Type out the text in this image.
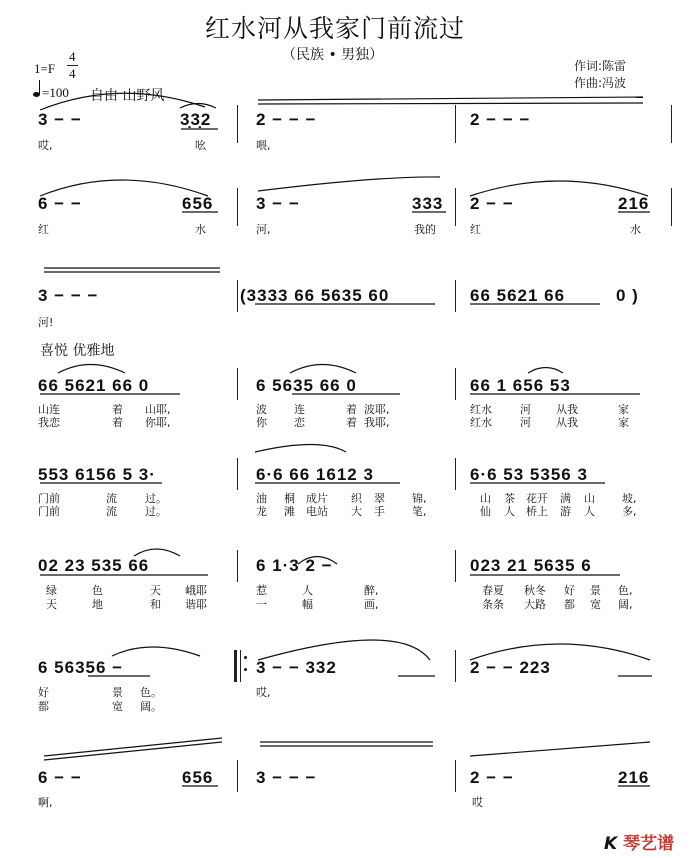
红水河从我家门前流过
（民族 • 男独）
作词:陈雷
作曲:冯波
1=F
4
4
=100 自由 山野风
3 − −	3̣3̣2	2 − − −	2 − − −
哎,	吆	喂,
6 − −	656	3 − −	333 2 − −	216
红	水	河,	我的	红	水
3 − − −	(3333 66 5635 60	66 5621 66	0 )
河!
喜悦 优雅地
66 5621 66 0	6 5635 66 0	66 1 656 53
山连	着 山耶,	波 连	着 波耶,	红水	河 从我	家
我恋	着 你耶,	你 恋	着 我耶,	红水	河 从我	家
553 6156 5 3·	6·6 66 1612 3	6·6 53 5356 3
门前	流	过。	油 桐 成片 织 翠 锦,	山 茶 花开 满 山 坡,
门前	流	过。	龙 滩 电站 大 手 笔,	仙 人 桥上 游 人 多,
02 23 535 66	6 1·3 2 −	023 21 5635 6
绿	色	天 峨耶	惹	人	醉,	春夏 秋冬 好 景 色,
天	地	和 谐耶	一	幅	画,	条条 大路 都 宽 阔,
6 56356 −	3 − − 332	2 − − 223
好	景 色。	哎,
都	宽 阔。
6 − −	656	3 − − −	2 − −	216
啊,	哎
K 琴艺谱
